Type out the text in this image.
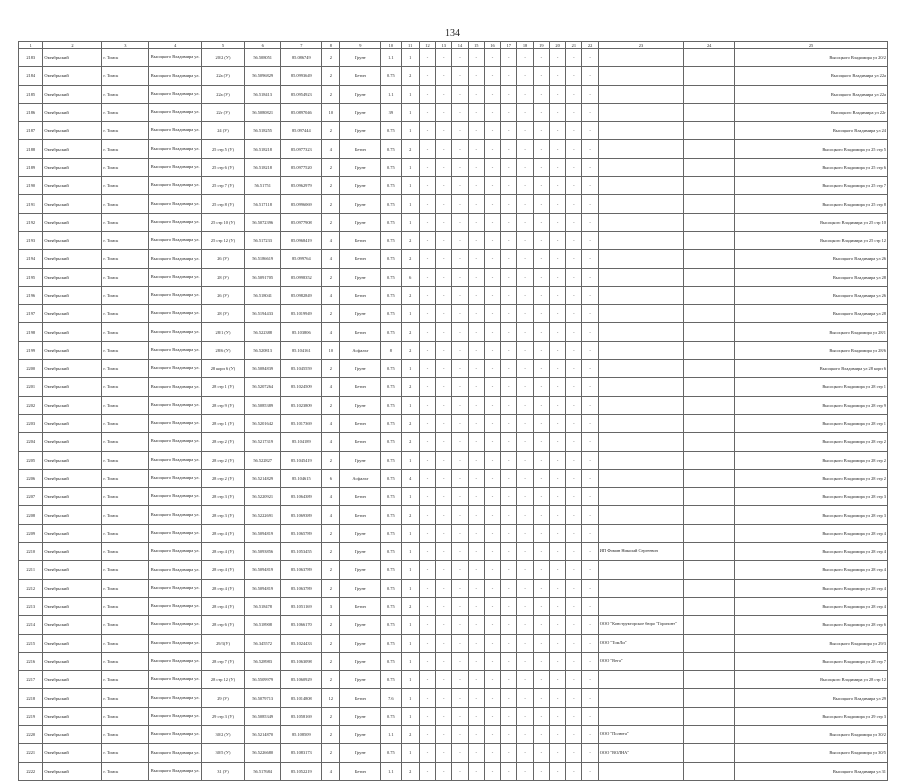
134
1	2	3	4	5	6	7	8	9	10	11	12	13	14	15	16	17	18	19	20	21	22	23	24	25
2183	Октябрьский	г. Томск	Высоцкого Владимира ул.	20/2 (У)	56.508051	85.086749	2	Грунт	1.1	1	-	-	-	-	-	-	-	-	-	-	-			Высоцкого Владимира ул 20/2
2184	Октябрьский	г. Томск	Высоцкого Владимира ул.	22а (У)	56.5096829	85.0993649	2	Бетон	0.75	2	-	-	-	-	-	-	-	-	-	-	-			Высоцкого Владимира ул 22а
2185	Октябрьский	г. Томск	Высоцкого Владимира ул.	22а (У)	56.518413	85.0954923	2	Грунт	1.1	1	-	-	-	-	-	-	-	-	-	-	-			Высоцкого Владимира ул 22а
2186	Октябрьский	г. Томск	Высоцкого Владимира ул.	22г (У)	56.5080821	85.0897046	10	Грунт	39	1	-	-	-	-	-	-	-	-	-	-	-			Высоцкого Владимира ул 22г
2187	Октябрьский	г. Томск	Высоцкого Владимира ул.	24 (У)	56.518255	85.097444	2	Грунт	0.75	1	-	-	-	-	-	-	-	-	-	-	-			Высоцкого Владимира ул 24
2188	Октябрьский	г. Томск	Высоцкого Владимира ул.	25 стр 5 (У)	56.518218	85.0977323	4	Бетон	0.75	2	-	-	-	-	-	-	-	-	-	-	-			Высоцкого Владимира ул 25 стр 5
2189	Октябрьский	г. Томск	Высоцкого Владимира ул.	25 стр 6 (У)	56.518218	85.0977520	2	Грунт	0.75	1	-	-	-	-	-	-	-	-	-	-	-			Высоцкого Владимира ул 25 стр 6
2190	Октябрьский	г. Томск	Высоцкого Владимира ул.	25 стр 7 (У)	56.51751	85.0962979	2	Грунт	0.75	1	-	-	-	-	-	-	-	-	-	-	-			Высоцкого Владимира ул 25 стр 7
2191	Октябрьский	г. Томск	Высоцкого Владимира ул.	25 стр 8 (У)	56.517118	85.0996069	2	Грунт	0.75	1	-	-	-	-	-	-	-	-	-	-	-			Высоцкого Владимира ул 25 стр 8
2192	Октябрьский	г. Томск	Высоцкого Владимира ул.	25 стр 10 (У)	56.5072396	85.0977908	2	Грунт	0.75	1	-	-	-	-	-	-	-	-	-	-	-			Высоцкого Владимира ул 25 стр 10
2193	Октябрьский	г. Томск	Высоцкого Владимира ул.	25 стр 12 (У)	56.517233	85.0968419	4	Бетон	0.75	2	-	-	-	-	-	-	-	-	-	-	-			Высоцкого Владимира ул 25 стр 12
2194	Октябрьский	г. Томск	Высоцкого Владимира ул.	26 (У)	56.5186619	85.099764	4	Бетон	0.75	2	-	-	-	-	-	-	-	-	-	-	-			Высоцкого Владимира ул 26
2195	Октябрьский	г. Томск	Высоцкого Владимира ул.	28 (У)	56.5091705	85.0998352	2	Грунт	0.75	6	-	-	-	-	-	-	-	-	-	-	-			Высоцкого Владимира ул 28
2196	Октябрьский	г. Томск	Высоцкого Владимира ул.	26 (У)	56.518041	85.0982849	4	Бетон	0.75	2	-	-	-	-	-	-	-	-	-	-	-			Высоцкого Владимира ул 26
2197	Октябрьский	г. Томск	Высоцкого Владимира ул.	28 (У)	56.5194433	85.1019949	2	Грунт	0.75	1	-	-	-	-	-	-	-	-	-	-	-			Высоцкого Владимира ул 28
2198	Октябрьский	г. Томск	Высоцкого Владимира ул.	28/1 (У)	56.522388	85.103806	4	Бетон	0.75	2	-	-	-	-	-	-	-	-	-	-	-			Высоцкого Владимира ул 28/1
2199	Октябрьский	г. Томск	Высоцкого Владимира ул.	28/6 (У)	56.520813	85.104161	10	Асфальт	8	2	-	-	-	-	-	-	-	-	-	-	-			Высоцкого Владимира ул 28/6
2200	Октябрьский	г. Томск	Высоцкого Владимира ул.	28 корп 6 (У)	56.5084839	85.1045559	2	Грунт	0.75	1	-	-	-	-	-	-	-	-	-	-	-			Высоцкого Владимира ул 28 корп 6
2201	Октябрьский	г. Томск	Высоцкого Владимира ул.	28 стр 1 (У)	56.5207264	85.1024509	4	Бетон	0.75	2	-	-	-	-	-	-	-	-	-	-	-			Высоцкого Владимира ул 28 стр 1
2202	Октябрьский	г. Томск	Высоцкого Владимира ул.	28 стр 9 (У)	56.5085389	85.1023809	2	Грунт	0.75	1	-	-	-	-	-	-	-	-	-	-	-			Высоцкого Владимира ул 28 стр 9
2203	Октябрьский	г. Томск	Высоцкого Владимира ул.	28 стр 1 (У)	56.5201642	85.1017369	4	Бетон	0.75	2	-	-	-	-	-	-	-	-	-	-	-			Высоцкого Владимира ул 28 стр 1
2204	Октябрьский	г. Томск	Высоцкого Владимира ул.	28 стр 2 (У)	56.5217319	85.104189	4	Бетон	0.75	2	-	-	-	-	-	-	-	-	-	-	-			Высоцкого Владимира ул 28 стр 2
2205	Октябрьский	г. Томск	Высоцкого Владимира ул.	28 стр 2 (У)	56.522827	85.1045419	2	Грунт	0.75	1	-	-	-	-	-	-	-	-	-	-	-			Высоцкого Владимира ул 28 стр 2
2206	Октябрьский	г. Томск	Высоцкого Владимира ул.	28 стр 2 (У)	56.5214829	85.104615	6	Асфальт	0.75	4	-	-	-	-	-	-	-	-	-	-	-			Высоцкого Владимира ул 28 стр 2
2207	Октябрьский	г. Томск	Высоцкого Владимира ул.	28 стр 3 (У)	56.5220921	85.1064389	4	Бетон	0.75	1	-	-	-	-	-	-	-	-	-	-	-			Высоцкого Владимира ул 28 стр 3
2208	Октябрьский	г. Томск	Высоцкого Владимира ул.	28 стр 3 (У)	56.5222691	85.1069389	4	Бетон	0.75	2	-	-	-	-	-	-	-	-	-	-	-			Высоцкого Владимира ул 28 стр 3
2209	Октябрьский	г. Томск	Высоцкого Владимира ул.	28 стр 4 (У)	56.5094819	85.1065789	2	Грунт	0.75	1	-	-	-	-	-	-	-	-	-	-	-			Высоцкого Владимира ул 28 стр 4
2210	Октябрьский	г. Томск	Высоцкого Владимира ул.	28 стр 4 (У)	56.5093856	85.1053455	2	Грунт	0.75	1	-	-	-	-	-	-	-	-	-	-	-	ИП Фомин Николай Сергеевич		Высоцкого Владимира ул 28 стр 4
2211	Октябрьский	г. Томск	Высоцкого Владимира ул.	28 стр 4 (У)	56.5094819	85.1063789	2	Грунт	0.75	1	-	-	-	-	-	-	-	-	-	-	-			Высоцкого Владимира ул 28 стр 4
2212	Октябрьский	г. Томск	Высоцкого Владимира ул.	28 стр 4 (У)	56.5094819	85.1063789	2	Грунт	0.75	1	-	-	-	-	-	-	-	-	-	-	-			Высоцкого Владимира ул 28 стр 4
2213	Октябрьский	г. Томск	Высоцкого Владимира ул.	28 стр 4 (У)	56.518478	85.1051169	3	Бетон	0.75	2	-	-	-	-	-	-	-	-	-	-	-			Высоцкого Владимира ул 28 стр 4
2214	Октябрьский	г. Томск	Высоцкого Владимира ул.	28 стр 6 (У)	56.518908	85.1066170	2	Грунт	0.75	1	-	-	-	-	-	-	-	-	-	-	-	ООО "Конструкторское бюро "Горизонт"		Высоцкого Владимира ул 28 стр 6
2215	Октябрьский	г. Томск	Высоцкого Владимира ул.	29/3(У)	56.345572	85.1024433	2	Грунт	0.75	1	-	-	-	-	-	-	-	-	-	-	-	ООО "ТомЛи"		Высоцкого Владимира ул 29/3
2216	Октябрьский	г. Томск	Высоцкого Владимира ул.	28 стр 7 (У)	56.528983	85.1063098	2	Грунт	0.75	1	-	-	-	-	-	-	-	-	-	-	-	ООО "Вега"		Высоцкого Владимира ул 28 стр 7
2217	Октябрьский	г. Томск	Высоцкого Владимира ул.	28 стр 12 (У)	56.5509979	85.1060929	2	Грунт	0.75	1	-	-	-	-	-	-	-	-	-	-	-			Высоцкого Владимира ул 28 стр 12
2218	Октябрьский	г. Томск	Высоцкого Владимира ул.	29 (У)	56.5079713	85.1014808	12	Бетон	7.6	1	-	-	-	-	-	-	-	-	-	-	-			Высоцкого Владимира ул 29
2219	Октябрьский	г. Томск	Высоцкого Владимира ул.	29 стр 3 (У)	56.5085349	85.1058169	2	Грунт	0.75	1	-	-	-	-	-	-	-	-	-	-	-			Высоцкого Владимира ул 29 стр 3
2220	Октябрьский	г. Томск	Высоцкого Владимира ул.	30/2 (У)	56.5214870	85.108509	2	Грунт	1.1	2	-	-	-	-	-	-	-	-	-	-	-	ООО "Полюта"		Высоцкого Владимира ул 30/2
2221	Октябрьский	г. Томск	Высоцкого Владимира ул.	30/5 (У)	56.5226680	85.1083173	2	Грунт	0.75	1	-	-	-	-	-	-	-	-	-	-	-	ООО "ВОЛНА"		Высоцкого Владимира ул 30/5
2222	Октябрьский	г. Томск	Высоцкого Владимира ул.	31 (У)	56.517684	85.1052219	4	Бетон	1.1	2	-	-	-	-	-	-	-	-	-	-	-			Высоцкого Владимира ул 31
